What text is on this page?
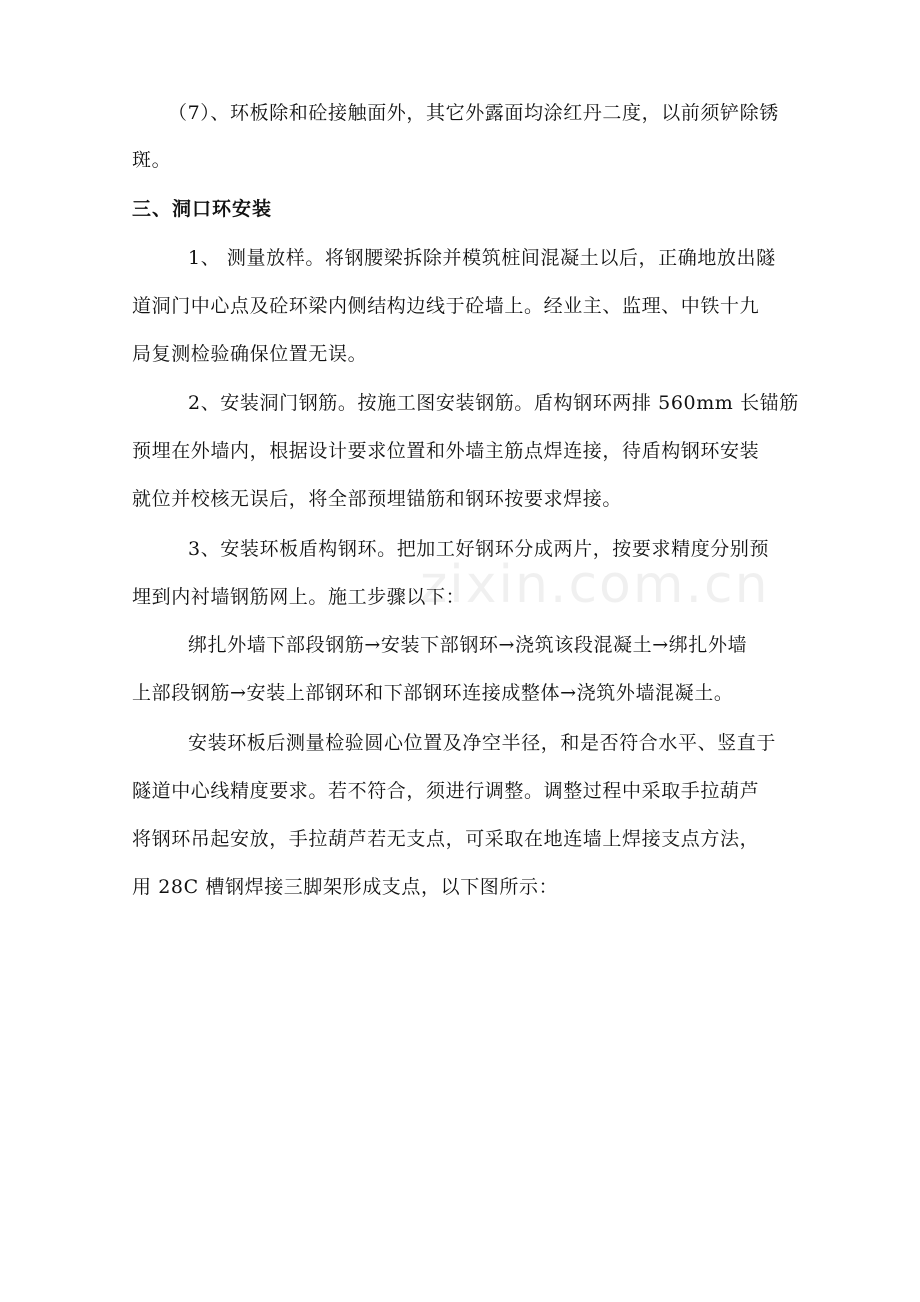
（7）、环板除和砼接触面外，其它外露面均涂红丹二度，以前须铲除锈
斑。
三、洞口环安装
1、 测量放样。将钢腰梁拆除并模筑桩间混凝土以后，正确地放出隧
道洞门中心点及砼环梁内侧结构边线于砼墙上。经业主、监理、中铁十九
局复测检验确保位置无误。
2、安装洞门钢筋。按施工图安装钢筋。盾构钢环两排 560mm 长锚筋
预埋在外墙内，根据设计要求位置和外墙主筋点焊连接，待盾构钢环安装
就位并校核无误后，将全部预埋锚筋和钢环按要求焊接。
3、安装环板盾构钢环。把加工好钢环分成两片，按要求精度分别预
埋到内衬墙钢筋网上。施工步骤以下：
绑扎外墙下部段钢筋→安装下部钢环→浇筑该段混凝土→绑扎外墙
上部段钢筋→安装上部钢环和下部钢环连接成整体→浇筑外墙混凝土。
安装环板后测量检验圆心位置及净空半径，和是否符合水平、竖直于
隧道中心线精度要求。若不符合，须进行调整。调整过程中采取手拉葫芦
将钢环吊起安放，手拉葫芦若无支点，可采取在地连墙上焊接支点方法，
用 28C 槽钢焊接三脚架形成支点，以下图所示：
zixin.com.cn
